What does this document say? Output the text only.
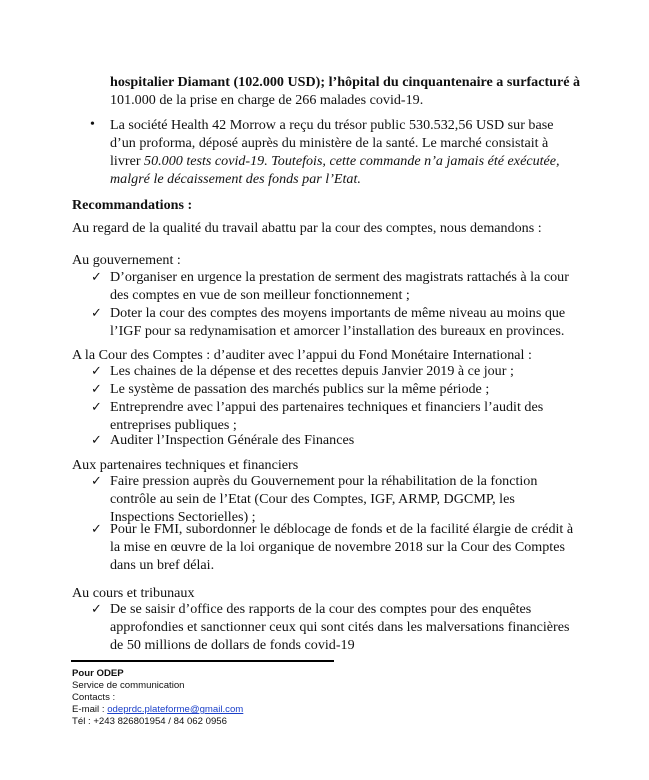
hospitalier Diamant (102.000 USD); l’hôpital du cinquantenaire a surfacturé à
101.000 de la prise en charge de 266 malades covid-19.
• La société Health 42 Morrow a reçu du trésor public 530.532,56 USD sur base
d’un proforma, déposé auprès du ministère de la santé. Le marché consistait à
livrer 50.000 tests covid-19. Toutefois, cette commande n’a jamais été exécutée,
malgré le décaissement des fonds par l’Etat.
Recommandations :
Au regard de la qualité du travail abattu par la cour des comptes, nous demandons :
Au gouvernement :
✓ D’organiser en urgence la prestation de serment des magistrats rattachés à la cour
des comptes en vue de son meilleur fonctionnement ;
✓ Doter la cour des comptes des moyens importants de même niveau au moins que
l’IGF pour sa redynamisation et amorcer l’installation des bureaux en provinces.
A la Cour des Comptes : d’auditer avec l’appui du Fond Monétaire International :
✓ Les chaines de la dépense et des recettes depuis Janvier 2019 à ce jour ;
✓ Le système de passation des marchés publics sur la même période ;
✓ Entreprendre avec l’appui des partenaires techniques et financiers l’audit des
entreprises publiques ;
✓ Auditer l’Inspection Générale des Finances
Aux partenaires techniques et financiers
✓ Faire pression auprès du Gouvernement pour la réhabilitation de la fonction
contrôle au sein de l’Etat (Cour des Comptes, IGF, ARMP, DGCMP, les
Inspections Sectorielles) ;
✓ Pour le FMI, subordonner le déblocage de fonds et de la facilité élargie de crédit à
la mise en œuvre de la loi organique de novembre 2018 sur la Cour des Comptes
dans un bref délai.
Au cours et tribunaux
✓ De se saisir d’office des rapports de la cour des comptes pour des enquêtes
approfondies et sanctionner ceux qui sont cités dans les malversations financières
de 50 millions de dollars de fonds covid-19
Pour ODEP
Service de communication
Contacts :
E-mail : odeprdc.plateforme@gmail.com
Tél : +243 826801954 / 84 062 0956
